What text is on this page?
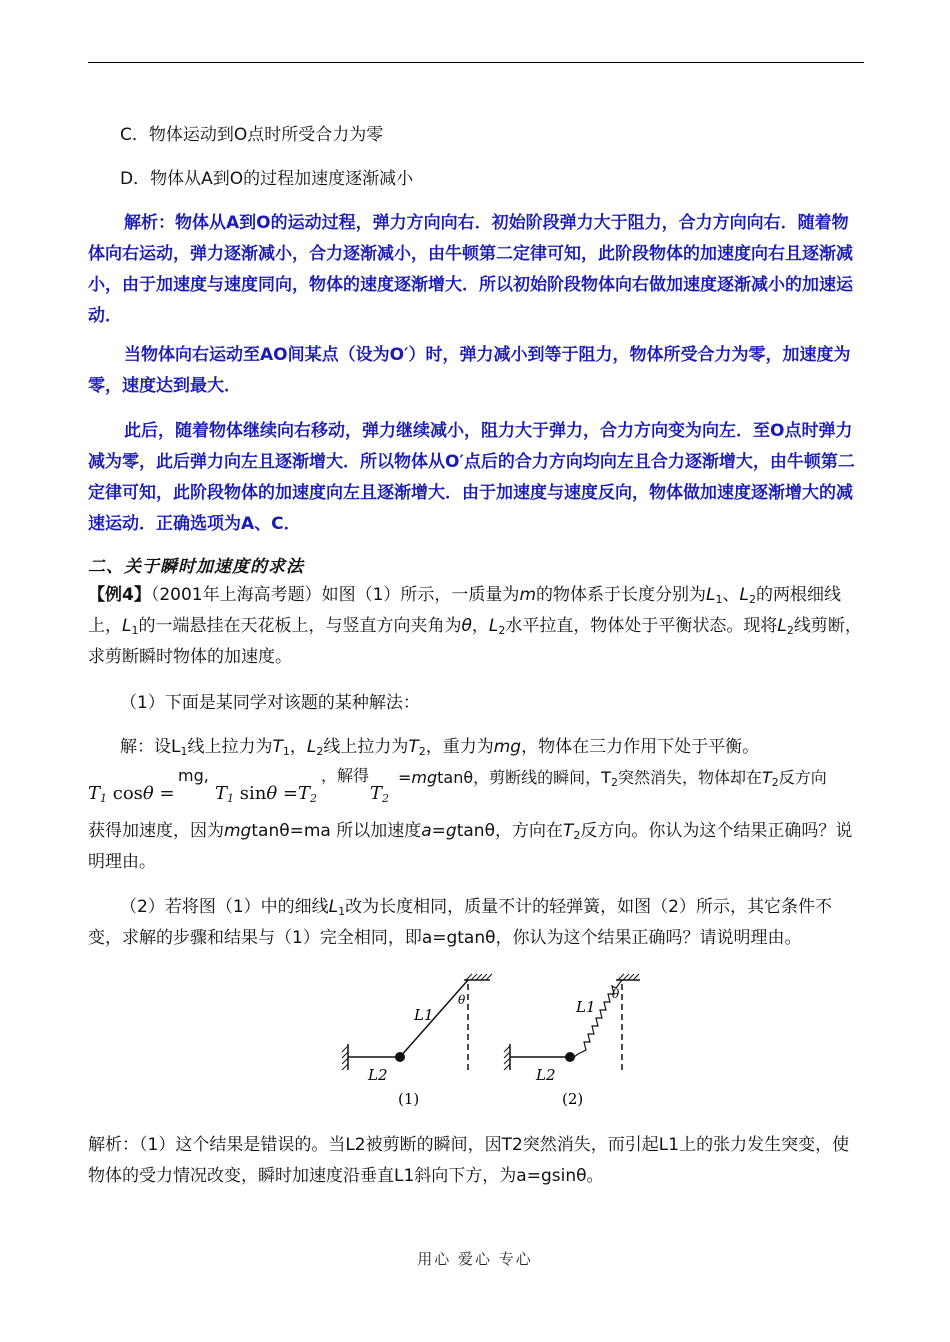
C．物体运动到O点时所受合力为零

D．物体从A到O的过程加速度逐渐减小

解析：物体从A到O的运动过程，弹力方向向右．初始阶段弹力大于阻力，合力方向向右．随着物体向右运动，弹力逐渐减小，合力逐渐减小，由牛顿第二定律可知，此阶段物体的加速度向右且逐渐减小，由于加速度与速度同向，物体的速度逐渐增大．所以初始阶段物体向右做加速度逐渐减小的加速运动．

当物体向右运动至AO间某点（设为O′）时，弹力减小到等于阻力，物体所受合力为零，加速度为零，速度达到最大．

此后，随着物体继续向右移动，弹力继续减小，阻力大于弹力，合力方向变为向左．至O点时弹力减为零，此后弹力向左且逐渐增大．所以物体从O′点后的合力方向均向左且合力逐渐增大，由牛顿第二定律可知，此阶段物体的加速度向左且逐渐增大．由于加速度与速度反向，物体做加速度逐渐增大的减速运动．正确选项为A、C．

二、关于瞬时加速度的求法

【例4】（2001年上海高考题）如图（1）所示，一质量为m的物体系于长度分别为$L_1$、$L_2$的两根细线上，$L_1$的一端悬挂在天花板上，与竖直方向夹角为θ，$L_2$水平拉直，物体处于平衡状态。现将$L_2$线剪断，求剪断瞬时物体的加速度。

（1）下面是某同学对该题的某种解法：

解：设$L_1$线上拉力为$T_1$，$L_2$线上拉力为$T_2$，重力为mg，物体在三力作用下处于平衡。

$T_1$ cosθ =
mg,
$T_1$ $\sin\theta =T_2$
，解得
$T_2$
=mgtanθ，剪断线的瞬间，$T_2$突然消失，物体却在$T_2$反方向

获得加速度，因为mgtanθ=ma 所以加速度a=gtanθ，方向在$T_2$反方向。你认为这个结果正确吗？说明理由。

（2）若将图（1）中的细线$L_1$改为长度相同，质量不计的轻弹簧，如图（2）所示，其它条件不变，求解的步骤和结果与（1）完全相同，即a=gtanθ，你认为这个结果正确吗？请说明理由。

L1
θ
L2
(1)
L1
θ
L2
(2)

解析：（1）这个结果是错误的。当L2被剪断的瞬间，因T2突然消失，而引起L1上的张力发生突变，使物体的受力情况改变，瞬时加速度沿垂直L1斜向下方，为a=gsinθ。

用心 爱心 专心
